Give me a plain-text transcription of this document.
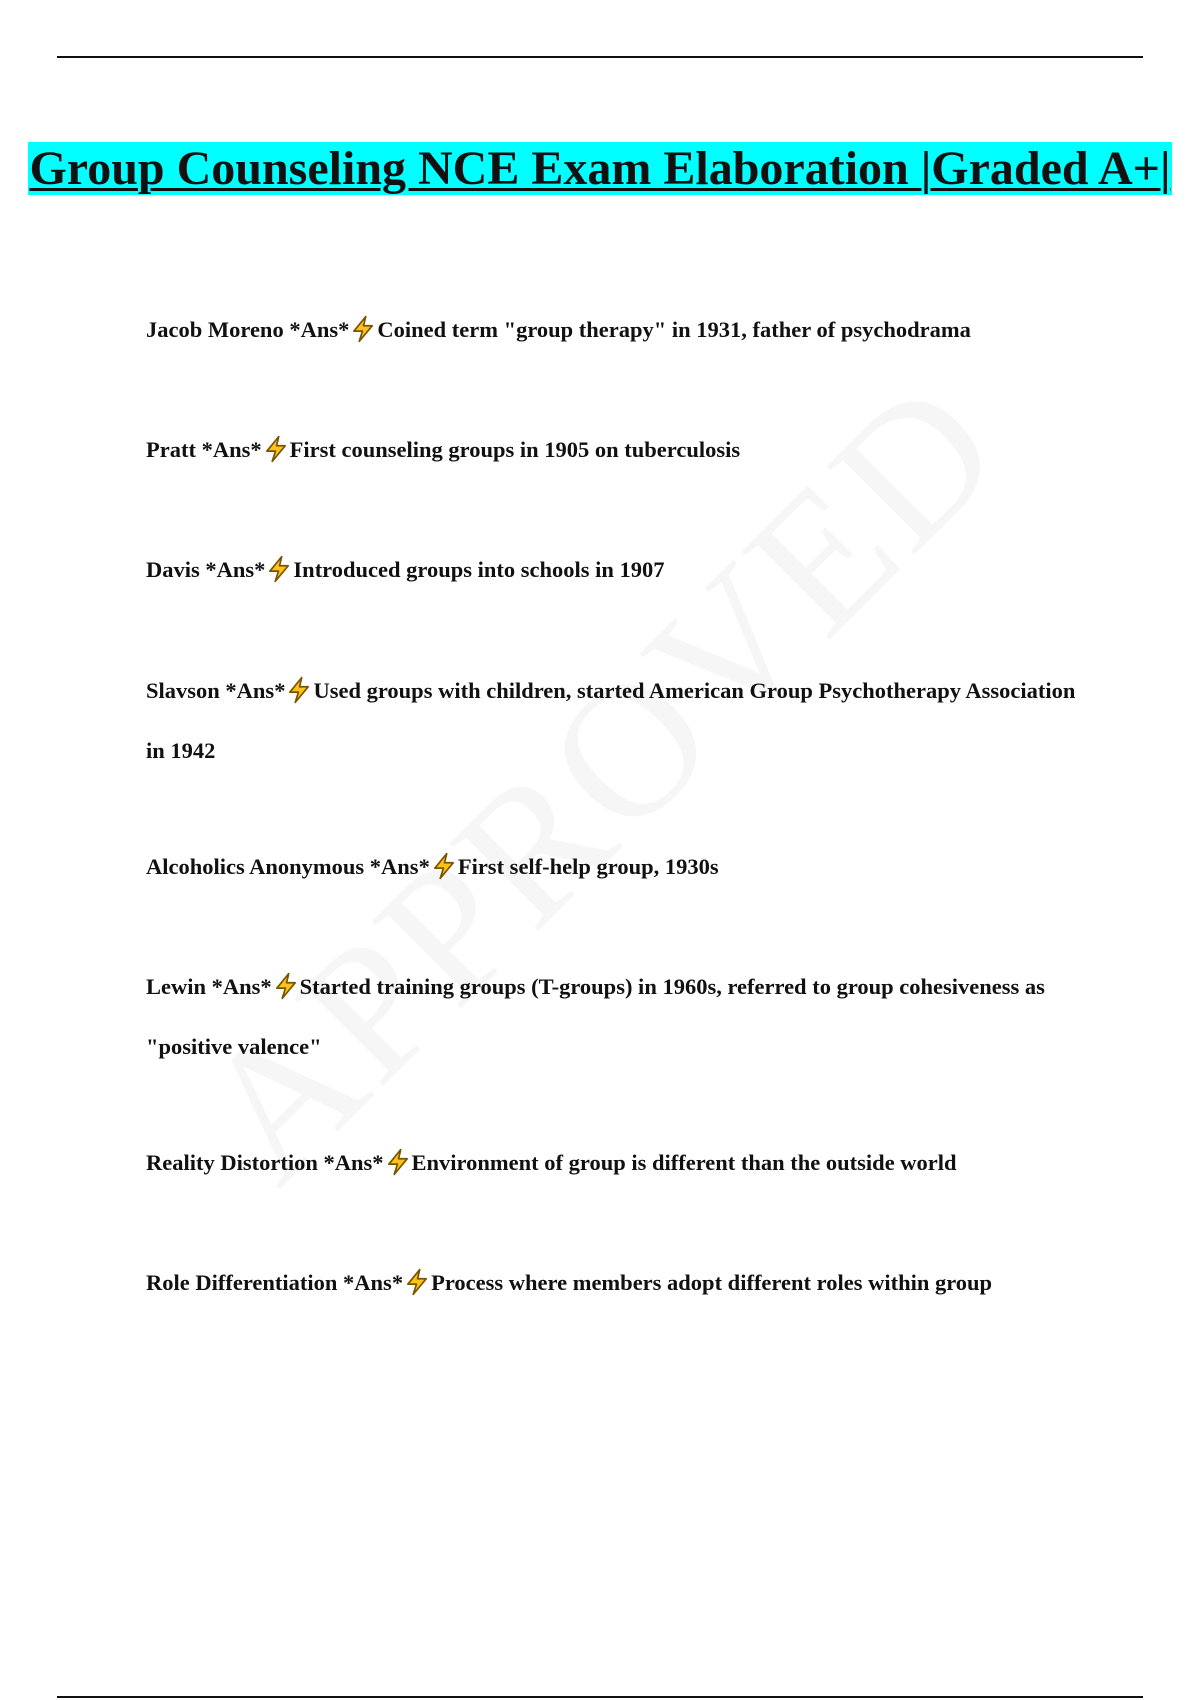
Group Counseling NCE Exam Elaboration |Graded A+|
Jacob Moreno *Ans* Coined term "group therapy" in 1931, father of psychodrama
Pratt *Ans* First counseling groups in 1905 on tuberculosis
Davis *Ans* Introduced groups into schools in 1907
Slavson *Ans* Used groups with children, started American Group Psychotherapy Association in 1942
Alcoholics Anonymous *Ans* First self-help group, 1930s
Lewin *Ans* Started training groups (T-groups) in 1960s, referred to group cohesiveness as "positive valence"
Reality Distortion *Ans* Environment of group is different than the outside world
Role Differentiation *Ans* Process where members adopt different roles within group
